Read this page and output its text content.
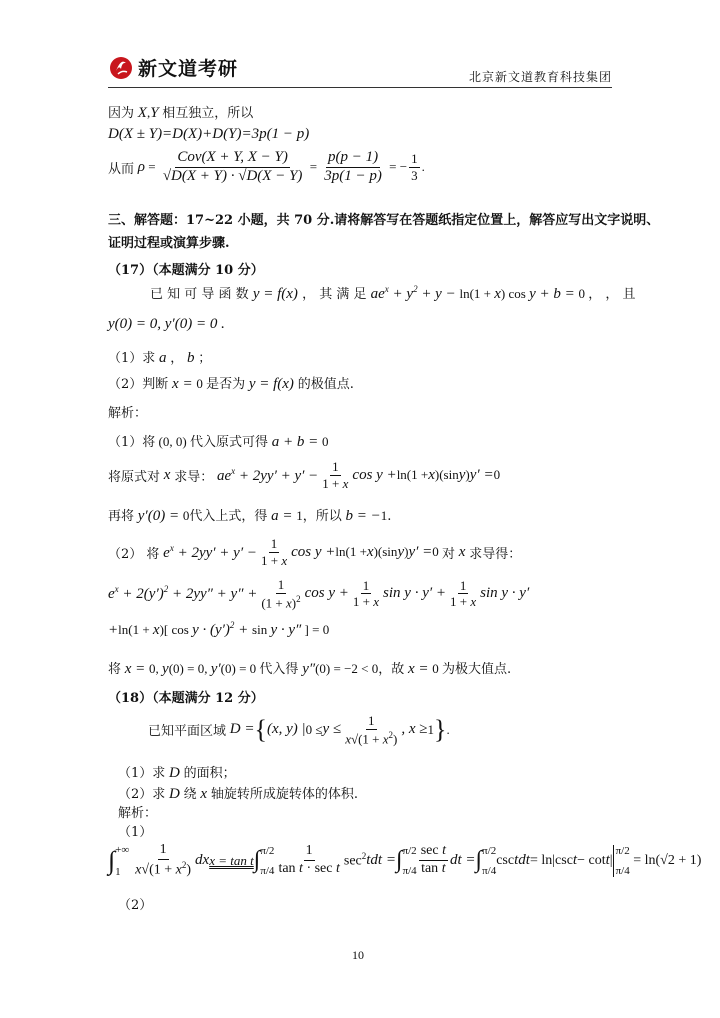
新文道考研	北京新文道教育科技集团
因为 X,Y 相互独立，所以
D(X ± Y)=D(X)+D(Y)=3p(1 − p)
从而 $\rho = \frac{\text{Cov(X + Y, X − Y)}}{√D(X + Y) \cdot √D(X - Y)} = \frac{p(p - 1)}{3p(1 - p)}$ = − $\frac{1}{3}$ .
三、解答题：17~22 小题，共 70 分.请将解答写在答题纸指定位置上，解答应写出文字说明、
证明过程或演算步骤.
（17）（本题满分 10 分）
已 知 可 导 函 数 y = f(x) ， 其 满 足 $ae^x + y^2 + y - \ln(1 + x)$ cos y + b = 0 ， ， 且
y(0) = 0, y′(0) = 0 .
（1）求 a ， b ；
（2）判断 x = 0 是否为 y = f(x) 的极值点.
解析：
（1）将 (0, 0) 代入原式可得 a + b = 0
将原式对 x 求导： $ae^x + 2yy' + y' - \frac{1}{1 + x}$ cos y + ln(1 + x )(sin y ) y′ = 0
再将 y′(0) = 0代入上式，得 a = 1，所以 b = −1.
（2） 将 $e^x + 2yy' + y' - \frac{1}{1 + x}$ cos y + ln(1 + x )(sin y ) y′ = 0 对 x 求导得：
$e^x + 2(y')^2 + 2yy'' + y'' + \frac{1}{(1 + x)^2}$ $\cos y + \frac{1}{1 + x}$ $\sin y \cdot y' + \frac{1}{1 + x}$ sin y · y′
+ln(1 + x)[ $\cos y \cdot (y')^2 + \sin y \cdot y''$ ] = 0
将 x = 0, y(0) = 0, y′(0) = 0 代入得 y″(0) = −2 < 0，故 x = 0 为极大值点.
（18）（本题满分 12 分）
已知平面区域 D = { (x, y) | $0 \le y \le \frac{1}{x√(1 + x^2)}$ , x ≥ 1 } .
（1）求 D 的面积；
（2）求 D 绕 x 轴旋转所成旋转体的体积.
解析：
（1）
∫ +∞
$1 \frac{1}{x√(1 + x^2)}$ dx x = tan t ∫ π/2
$\pi/4 \frac{1}{\text{tan t · sec t}} \sec^2$ tdt = ∫ π/2
$\pi/4 \frac{\text{sec t}}{\text{tan t}}$ dt = ∫ π/2
π/4
csc tdt = ln|csc t − cot t |
π/2
π/4
= ln(√2 + 1)
（2）
10
